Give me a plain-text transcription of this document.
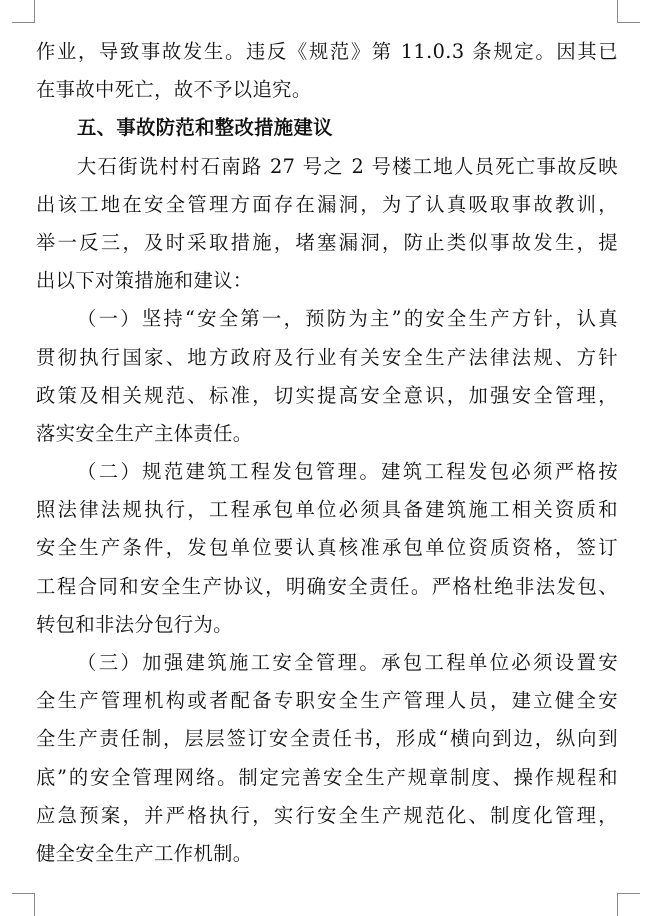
作业，导致事故发生。违反《规范》第 11.0.3 条规定。因其已
在事故中死亡，故不予以追究。
五、事故防范和整改措施建议
大石街诜村村石南路 27 号之 2 号楼工地人员死亡事故反映
出该工地在安全管理方面存在漏洞，为了认真吸取事故教训，
举一反三，及时采取措施，堵塞漏洞，防止类似事故发生，提
出以下对策措施和建议：
（一）坚持“安全第一，预防为主”的安全生产方针，认真
贯彻执行国家、地方政府及行业有关安全生产法律法规、方针
政策及相关规范、标准，切实提高安全意识，加强安全管理，
落实安全生产主体责任。
（二）规范建筑工程发包管理。建筑工程发包必须严格按
照法律法规执行，工程承包单位必须具备建筑施工相关资质和
安全生产条件，发包单位要认真核准承包单位资质资格，签订
工程合同和安全生产协议，明确安全责任。严格杜绝非法发包、
转包和非法分包行为。
（三）加强建筑施工安全管理。承包工程单位必须设置安
全生产管理机构或者配备专职安全生产管理人员，建立健全安
全生产责任制，层层签订安全责任书，形成“横向到边，纵向到
底”的安全管理网络。制定完善安全生产规章制度、操作规程和
应急预案，并严格执行，实行安全生产规范化、制度化管理，
健全安全生产工作机制。
